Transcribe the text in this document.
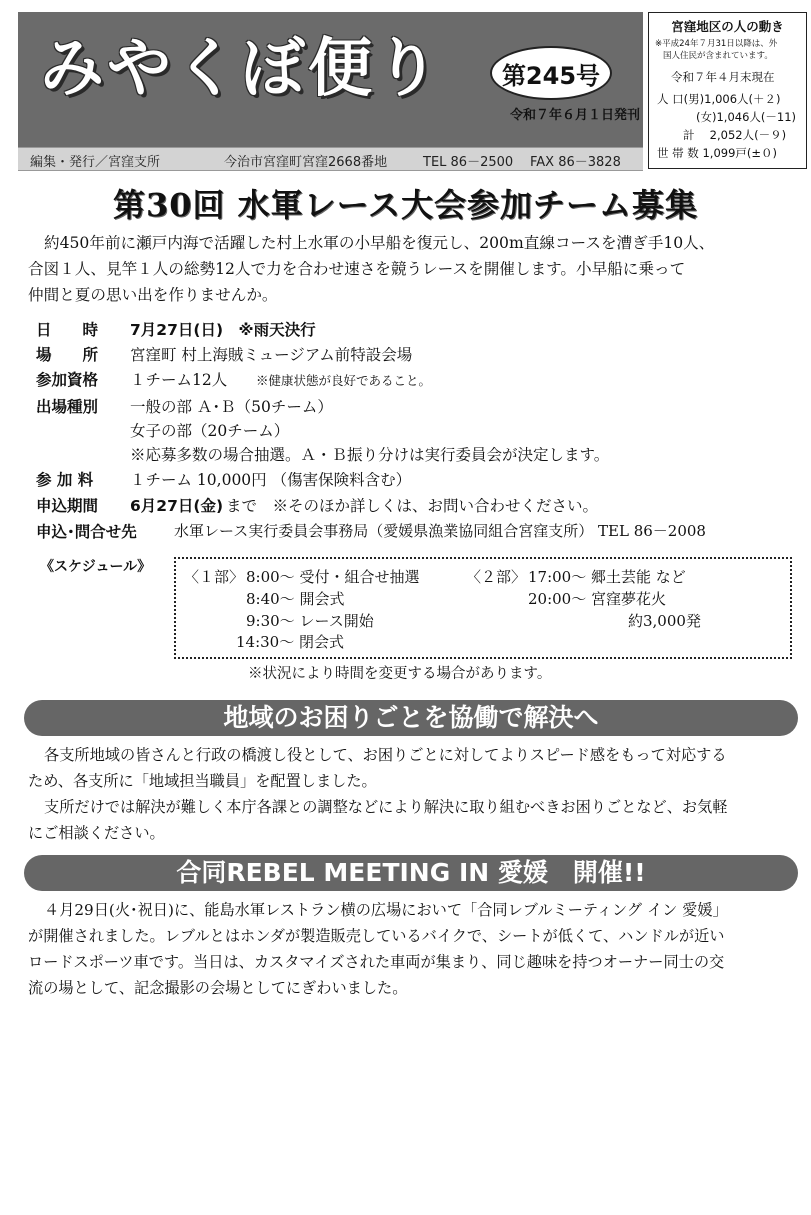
みやくぼ便り	第245号
令和７年６月１日発刊
編集・発行／宮窪支所	今治市宮窪町宮窪2668番地	TEL 86－2500 FAX 86－3828
宮窪地区の人の動き
※平成24年７月31日以降は、外
国人住民が含まれています。
令和７年４月末現在
人 口(男)1,006人(＋２)
(女)1,046人(－11)
計　 2,052人(－９)
世 帯 数 1,099戸(±０)
第30回 水軍レース大会参加チーム募集
約450年前に瀬戸内海で活躍した村上水軍の小早船を復元し、200m直線コースを漕ぎ手10人、
合図１人、見竿１人の総勢12人で力を合わせ速さを競うレースを開催します。小早船に乗って
仲間と夏の思い出を作りませんか。
日　　時 7月27日(日)　※雨天決行
場　　所 宮窪町 村上海賊ミュージアム前特設会場
参加資格 １チーム12人 ※健康状態が良好であること。
出場種別 一般の部 Ａ･Ｂ（50チーム）
女子の部（20チーム）
※応募多数の場合抽選。Ａ・Ｂ振り分けは実行委員会が決定します。
参 加 料 １チーム 10,000円 （傷害保険料含む）
申込期間 6月27日(金) まで　※そのほか詳しくは、お問い合わせください。
申込･問合せ先 水軍レース実行委員会事務局（愛媛県漁業協同組合宮窪支所） TEL 86－2008
《スケジュール》
〈１部〉 8:00～ 受付・組合せ抽選
8:40～ 開会式
9:30～ レース開始
14:30～ 閉会式
〈２部〉 17:00～ 郷土芸能 など
20:00～ 宮窪夢花火
約3,000発
※状況により時間を変更する場合があります。
地域のお困りごとを協働で解決へ
各支所地域の皆さんと行政の橋渡し役として、お困りごとに対してよりスピード感をもって対応する
ため、各支所に「地域担当職員」を配置しました。
支所だけでは解決が難しく本庁各課との調整などにより解決に取り組むべきお困りごとなど、お気軽
にご相談ください。
合同REBEL MEETING IN 愛媛　開催!!
４月29日(火･祝日)に、能島水軍レストラン横の広場において「合同レブルミーティング イン 愛媛」
が開催されました。レブルとはホンダが製造販売しているバイクで、シートが低くて、ハンドルが近い
ロードスポーツ車です。当日は、カスタマイズされた車両が集まり、同じ趣味を持つオーナー同士の交
流の場として、記念撮影の会場としてにぎわいました。
